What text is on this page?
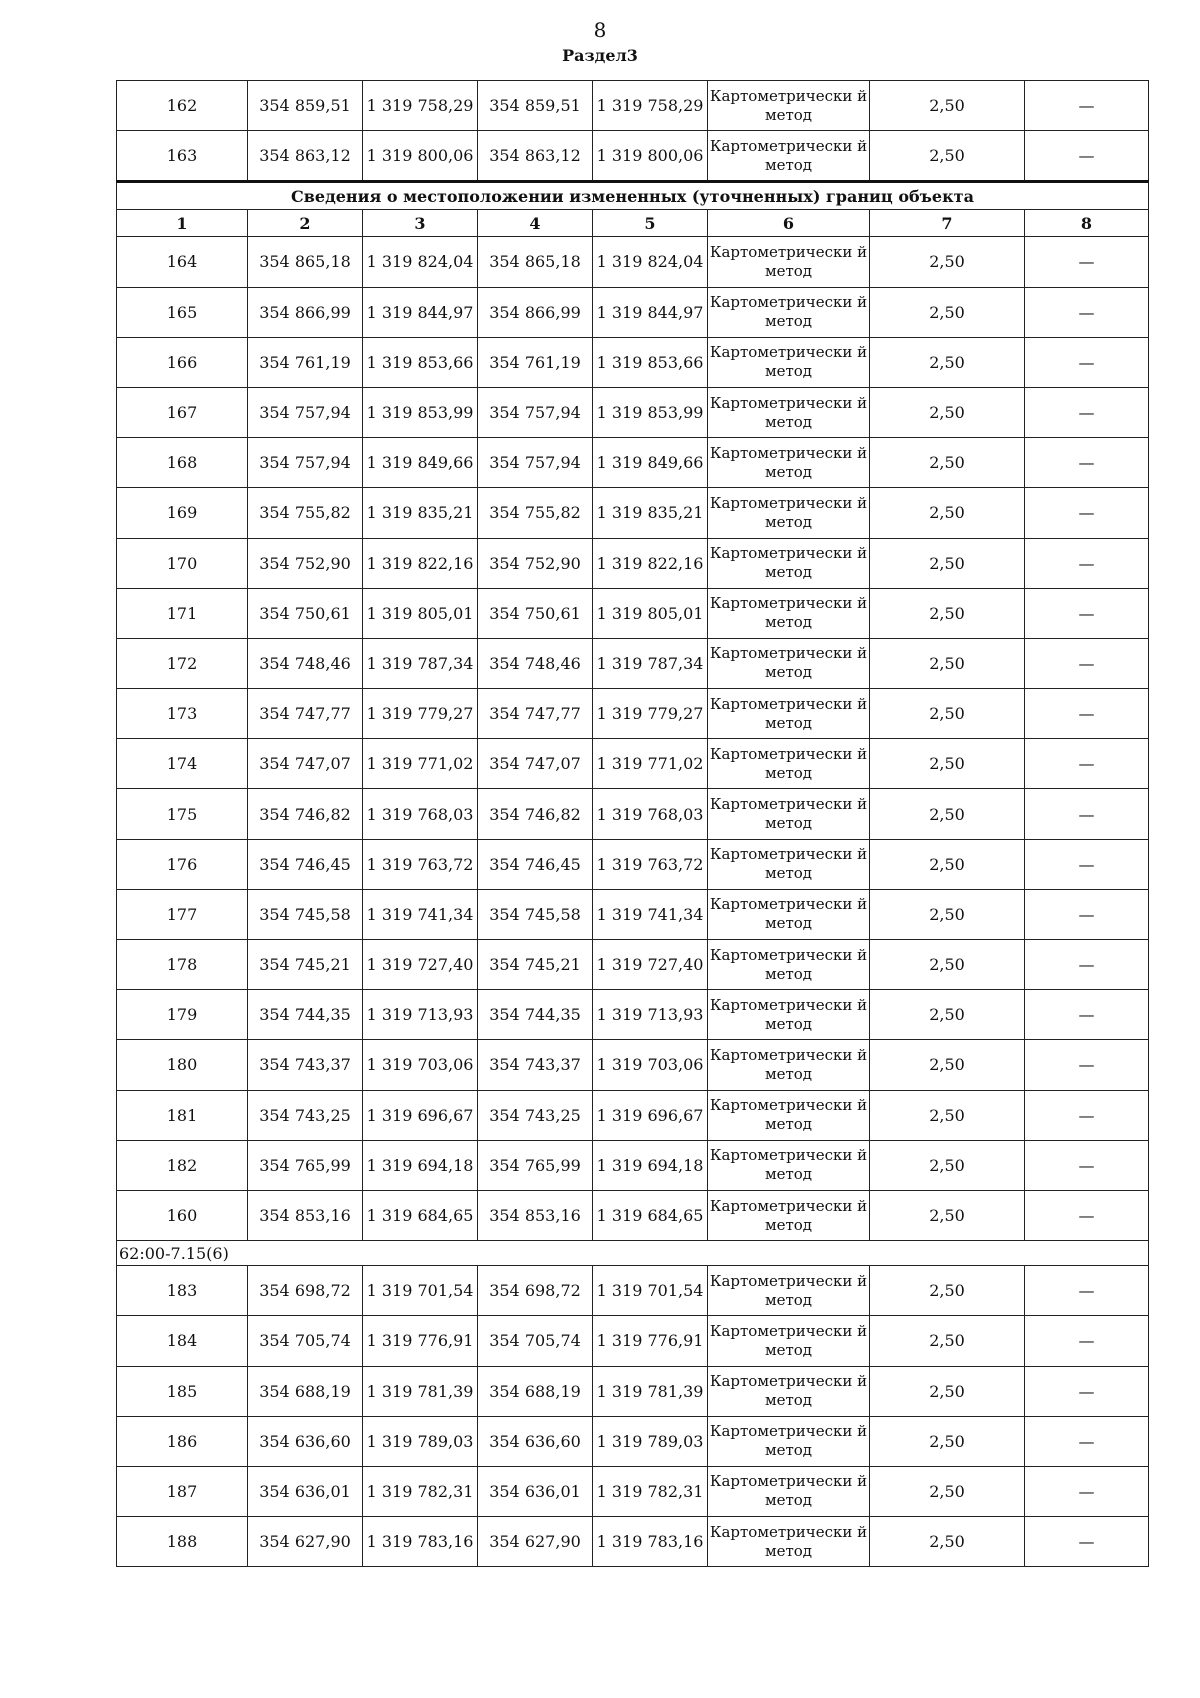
8
Раздел3
162	354 859,51	1 319 758,29	354 859,51	1 319 758,29	Картометрически й метод	2,50	—
163	354 863,12	1 319 800,06	354 863,12	1 319 800,06	Картометрически й метод	2,50	—
Сведения о местоположении измененных (уточненных) границ объекта							
1	2	3	4	5	6	7	8
164	354 865,18	1 319 824,04	354 865,18	1 319 824,04	Картометрически й метод	2,50	—
165	354 866,99	1 319 844,97	354 866,99	1 319 844,97	Картометрически й метод	2,50	—
166	354 761,19	1 319 853,66	354 761,19	1 319 853,66	Картометрически й метод	2,50	—
167	354 757,94	1 319 853,99	354 757,94	1 319 853,99	Картометрически й метод	2,50	—
168	354 757,94	1 319 849,66	354 757,94	1 319 849,66	Картометрически й метод	2,50	—
169	354 755,82	1 319 835,21	354 755,82	1 319 835,21	Картометрически й метод	2,50	—
170	354 752,90	1 319 822,16	354 752,90	1 319 822,16	Картометрически й метод	2,50	—
171	354 750,61	1 319 805,01	354 750,61	1 319 805,01	Картометрически й метод	2,50	—
172	354 748,46	1 319 787,34	354 748,46	1 319 787,34	Картометрически й метод	2,50	—
173	354 747,77	1 319 779,27	354 747,77	1 319 779,27	Картометрически й метод	2,50	—
174	354 747,07	1 319 771,02	354 747,07	1 319 771,02	Картометрически й метод	2,50	—
175	354 746,82	1 319 768,03	354 746,82	1 319 768,03	Картометрически й метод	2,50	—
176	354 746,45	1 319 763,72	354 746,45	1 319 763,72	Картометрически й метод	2,50	—
177	354 745,58	1 319 741,34	354 745,58	1 319 741,34	Картометрически й метод	2,50	—
178	354 745,21	1 319 727,40	354 745,21	1 319 727,40	Картометрически й метод	2,50	—
179	354 744,35	1 319 713,93	354 744,35	1 319 713,93	Картометрически й метод	2,50	—
180	354 743,37	1 319 703,06	354 743,37	1 319 703,06	Картометрически й метод	2,50	—
181	354 743,25	1 319 696,67	354 743,25	1 319 696,67	Картометрически й метод	2,50	—
182	354 765,99	1 319 694,18	354 765,99	1 319 694,18	Картометрически й метод	2,50	—
160	354 853,16	1 319 684,65	354 853,16	1 319 684,65	Картометрически й метод	2,50	—
62:00-7.15(6)							
183	354 698,72	1 319 701,54	354 698,72	1 319 701,54	Картометрически й метод	2,50	—
184	354 705,74	1 319 776,91	354 705,74	1 319 776,91	Картометрически й метод	2,50	—
185	354 688,19	1 319 781,39	354 688,19	1 319 781,39	Картометрически й метод	2,50	—
186	354 636,60	1 319 789,03	354 636,60	1 319 789,03	Картометрически й метод	2,50	—
187	354 636,01	1 319 782,31	354 636,01	1 319 782,31	Картометрически й метод	2,50	—
188	354 627,90	1 319 783,16	354 627,90	1 319 783,16	Картометрически й метод	2,50	—
